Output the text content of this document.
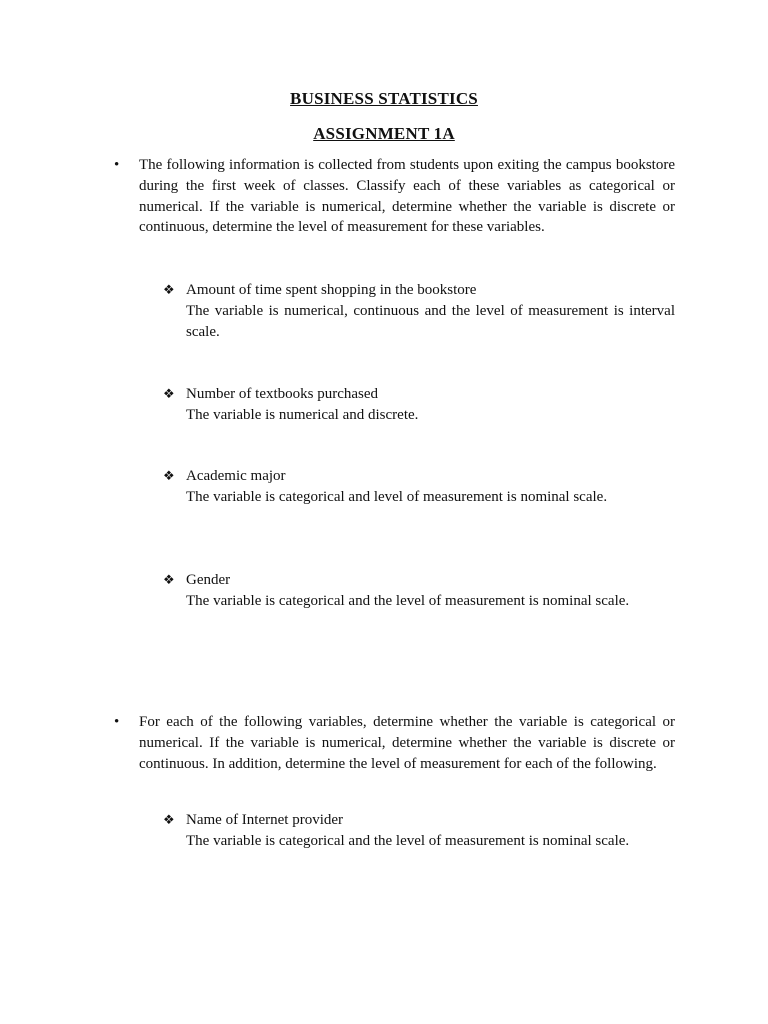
BUSINESS STATISTICS
ASSIGNMENT 1A
• The following information is collected from students upon exiting the campus bookstore during the first week of classes. Classify each of these variables as categorical or numerical. If the variable is numerical, determine whether the variable is discrete or continuous, determine the level of measurement for these variables.

❖ Amount of time spent shopping in the bookstore

The variable is numerical, continuous and the level of measurement is interval scale.

❖ Number of textbooks purchased

The variable is numerical and discrete.

❖ Academic major

The variable is categorical and level of measurement is nominal scale.

❖ Gender

The variable is categorical and the level of measurement is nominal scale.

• For each of the following variables, determine whether the variable is categorical or numerical. If the variable is numerical, determine whether the variable is discrete or continuous. In addition, determine the level of measurement for each of the following.

❖ Name of Internet provider

The variable is categorical and the level of measurement is nominal scale.
